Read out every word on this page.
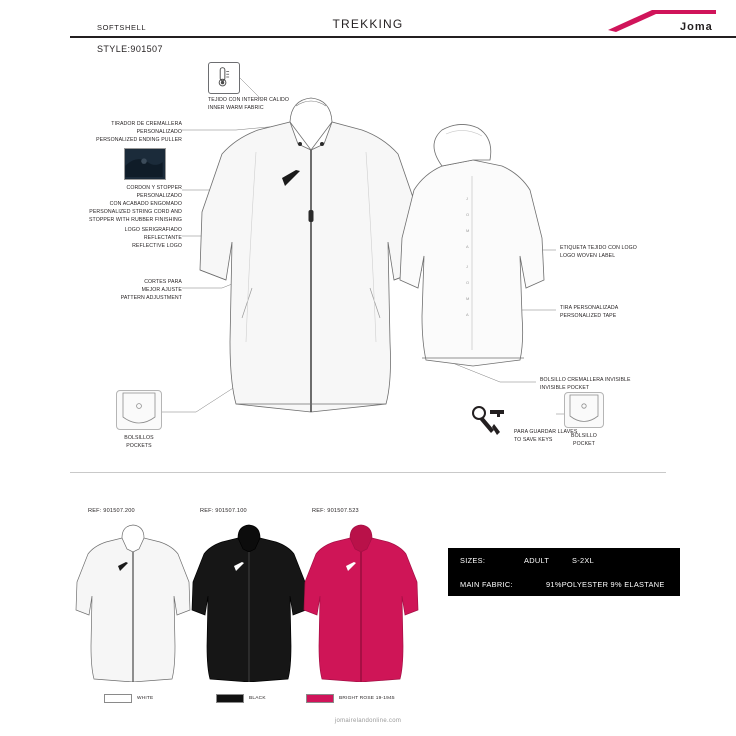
SOFTSHELL	TREKKING
STYLE:901507
Joma
TEJIDO CON INTERIOR CALIDO
INNER WARM FABRIC
TIRADOR DE CREMALLERA
PERSONALIZADO
PERSONALIZED ENDING PULLER
CORDON Y STOPPER
PERSONALIZADO
CON ACABADO ENGOMADO
PERSONALIZED STRING CORD AND
STOPPER WITH RUBBER FINISHING
LOGO SERIGRAFIADO
REFLECTANTE
REFLECTIVE LOGO
CORTES PARA
MEJOR AJUSTE
PATTERN ADJUSTMENT
BOLSILLOS
POCKETS
ETIQUETA TEJIDO CON LOGO
LOGO WOVEN LABEL
TIRA PERSONALIZADA
PERSONALIZED TAPE
BOLSILLO CREMALLERA INVISIBLE
INVISIBLE POCKET
PARA GUARDAR LLAVES
TO SAVE KEYS
BOLSILLO
POCKET
J
O
M
A
J
O
M
A
REF: 901507.200
WHITE
REF: 901507.100
BLACK
REF: 901507.523
BRIGHT ROSE 19-1945
SIZES:	ADULT	S-2XL
MAIN FABRIC:	91%POLYESTER 9% ELASTANE
jomairelandonline.com
